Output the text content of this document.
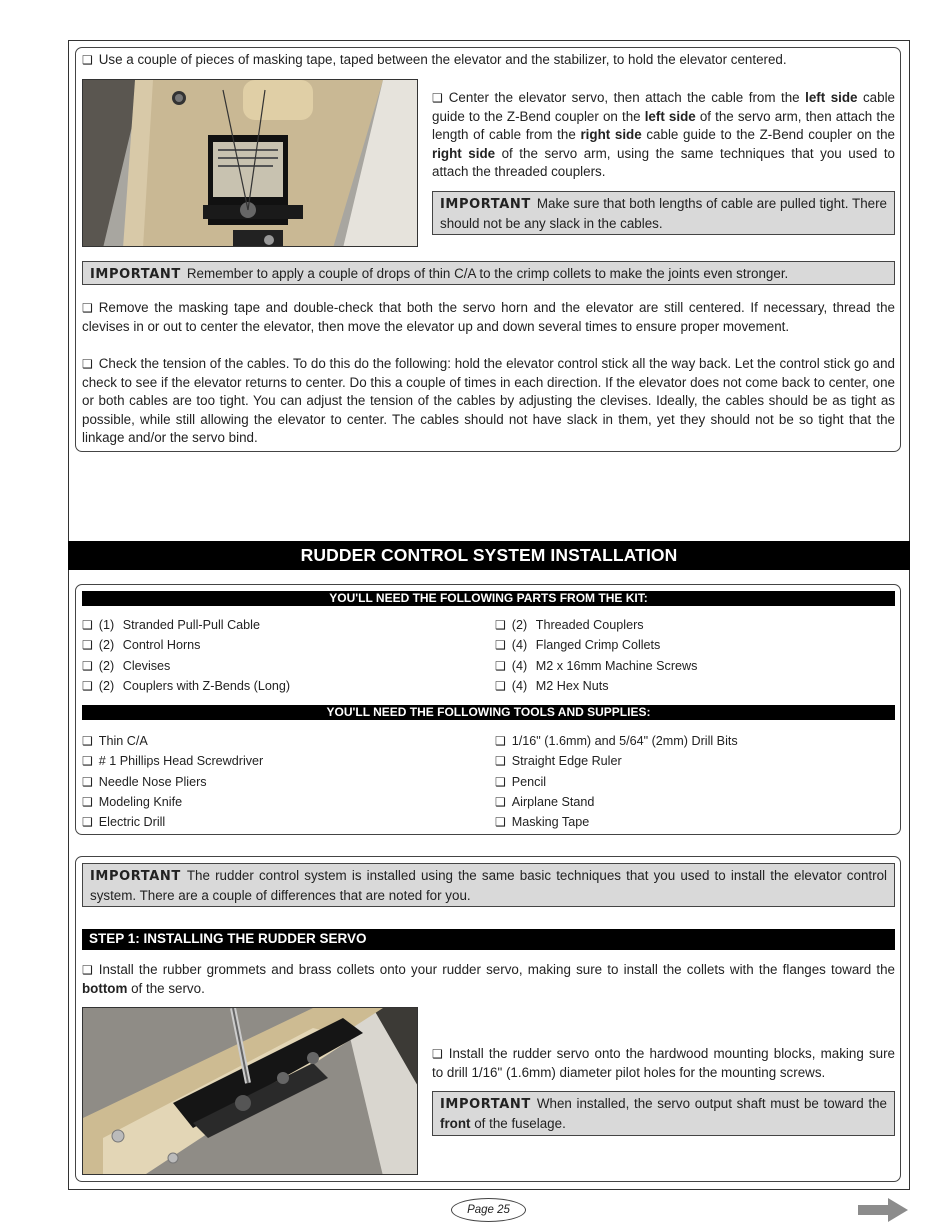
❑ Use a couple of pieces of masking tape, taped between the elevator and the stabilizer, to hold the elevator centered.
❑ Center the elevator servo, then attach the cable from the left side cable guide to the Z-Bend coupler on the left side of the servo arm, then attach the length of cable from the right side cable guide to the Z-Bend coupler on the right side of the servo arm, using the same techniques that you used to attach the threaded couplers.
IMPORTANT Make sure that both lengths of cable are pulled tight. There should not be any slack in the cables.
IMPORTANT Remember to apply a couple of drops of thin C/A to the crimp collets to make the joints even stronger.
❑ Remove the masking tape and double-check that both the servo horn and the elevator are still centered. If necessary, thread the clevises in or out to center the elevator, then move the elevator up and down several times to ensure proper movement.
❑ Check the tension of the cables. To do this do the following: hold the elevator control stick all the way back. Let the control stick go and check to see if the elevator returns to center. Do this a couple of times in each direction. If the elevator does not come back to center, one or both cables are too tight. You can adjust the tension of the cables by adjusting the clevises. Ideally, the cables should be as tight as possible, while still allowing the elevator to center. The cables should not have slack in them, yet they should not be so tight that the linkage and/or the servo bind.
RUDDER CONTROL SYSTEM INSTALLATION
YOU'LL NEED THE FOLLOWING PARTS FROM THE KIT:
❑ (1) Stranded Pull-Pull Cable
❑ (2) Control Horns
❑ (2) Clevises
❑ (2) Couplers with Z-Bends (Long)
❑ (2) Threaded Couplers
❑ (4) Flanged Crimp Collets
❑ (4) M2 x 16mm Machine Screws
❑ (4) M2 Hex Nuts
YOU'LL NEED THE FOLLOWING TOOLS AND SUPPLIES:
❑ Thin C/A
❑ # 1 Phillips Head Screwdriver
❑ Needle Nose Pliers
❑ Modeling Knife
❑ Electric Drill
❑ 1/16" (1.6mm) and 5/64" (2mm) Drill Bits
❑ Straight Edge Ruler
❑ Pencil
❑ Airplane Stand
❑ Masking Tape
IMPORTANT The rudder control system is installed using the same basic techniques that you used to install the elevator control system. There are a couple of differences that are noted for you.
STEP 1: INSTALLING THE RUDDER SERVO
❑ Install the rubber grommets and brass collets onto your rudder servo, making sure to install the collets with the flanges toward the bottom of the servo.
❑ Install the rudder servo onto the hardwood mounting blocks, making sure to drill 1/16" (1.6mm) diameter pilot holes for the mounting screws.
IMPORTANT When installed, the servo output shaft must be toward the front of the fuselage.
Page 25
